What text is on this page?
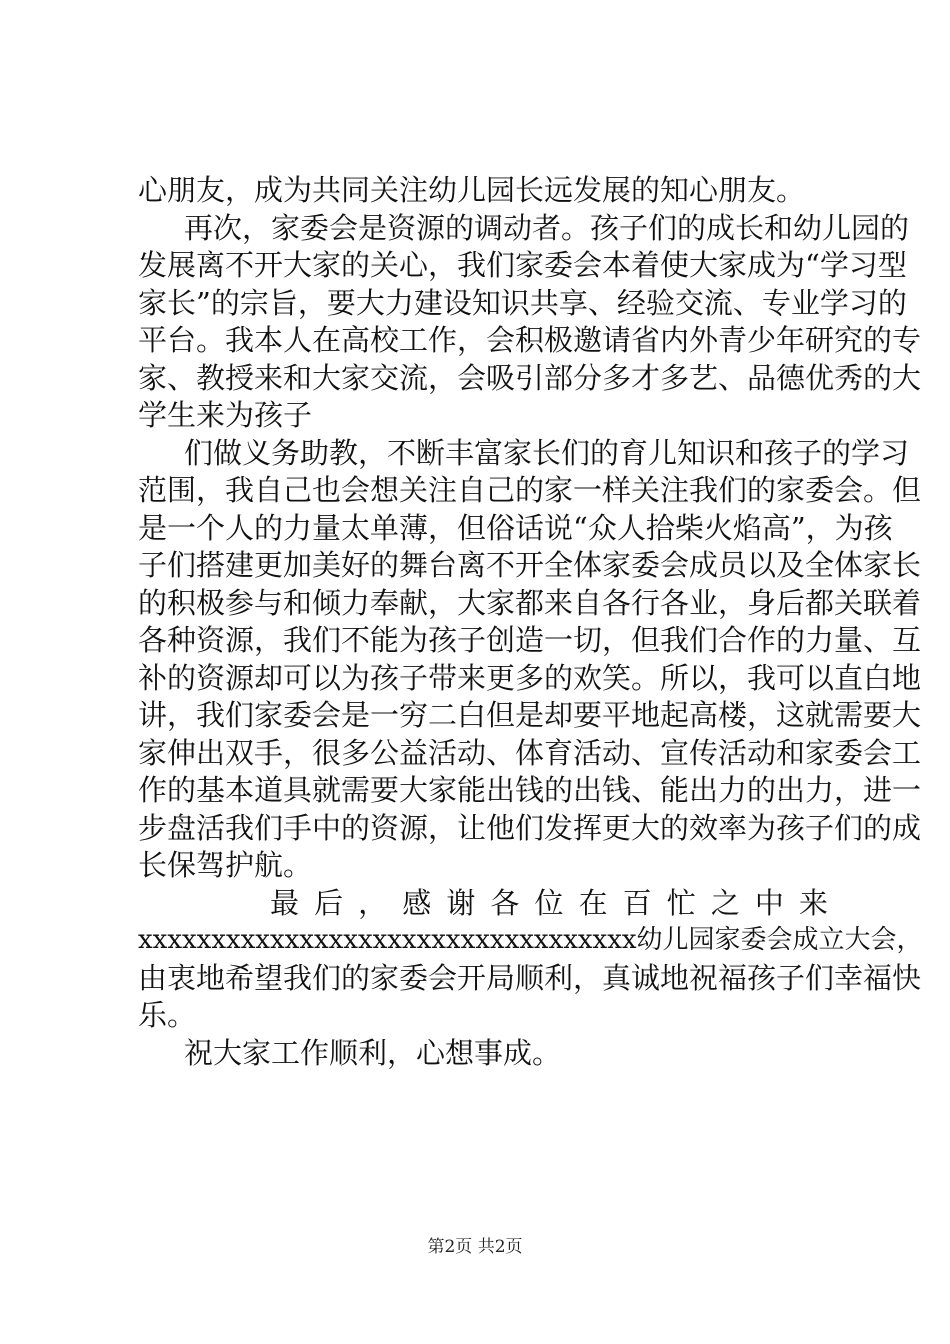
心朋友，成为共同关注幼儿园长远发展的知心朋友。
再次，家委会是资源的调动者。孩子们的成长和幼儿园的
发展离不开大家的关心，我们家委会本着使大家成为“学习型
家长”的宗旨，要大力建设知识共享、经验交流、专业学习的
平台。我本人在高校工作，会积极邀请省内外青少年研究的专
家、教授来和大家交流，会吸引部分多才多艺、品德优秀的大
学生来为孩子
们做义务助教，不断丰富家长们的育儿知识和孩子的学习
范围，我自己也会想关注自己的家一样关注我们的家委会。但
是一个人的力量太单薄，但俗话说“众人拾柴火焰高”，为孩
子们搭建更加美好的舞台离不开全体家委会成员以及全体家长
的积极参与和倾力奉献，大家都来自各行各业，身后都关联着
各种资源，我们不能为孩子创造一切，但我们合作的力量、互
补的资源却可以为孩子带来更多的欢笑。所以，我可以直白地
讲，我们家委会是一穷二白但是却要平地起高楼，这就需要大
家伸出双手，很多公益活动、体育活动、宣传活动和家委会工
作的基本道具就需要大家能出钱的出钱、能出力的出力，进一
步盘活我们手中的资源，让他们发挥更大的效率为孩子们的成
长保驾护航。
最后，感谢各位在百忙之中来
xxxxxxxxxxxxxxxxxxxxxxxxxxxxxxxxxx幼儿园家委会成立大会，
由衷地希望我们的家委会开局顺利，真诚地祝福孩子们幸福快
乐。
祝大家工作顺利，心想事成。
第2页 共2页
